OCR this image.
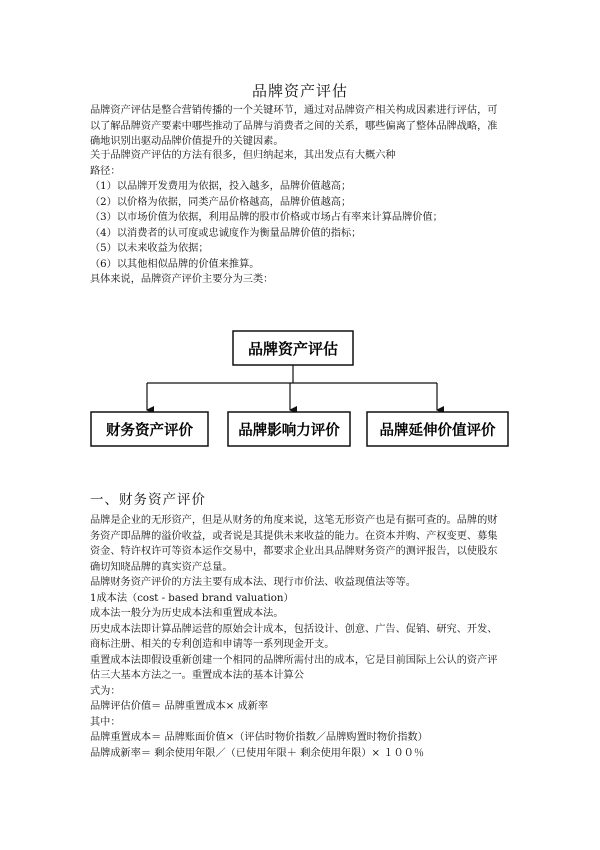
品牌资产评估
品牌资产评估是整合营销传播的一个关键环节，通过对品牌资产相关构成因素进行评估，可
以了解品牌资产要素中哪些推动了品牌与消费者之间的关系，哪些偏离了整体品牌战略，准
确地识别出驱动品牌价值提升的关键因素。
关于品牌资产评估的方法有很多，但归纳起来，其出发点有大概六种
路径：
（1）以品牌开发费用为依据，投入越多，品牌价值越高；
（2）以价格为依据，同类产品价格越高，品牌价值越高；
（3）以市场价值为依据，利用品牌的股市价格或市场占有率来计算品牌价值；
（4）以消费者的认可度或忠诚度作为衡量品牌价值的指标；
（5）以未来收益为依据；
（6）以其他相似品牌的价值来推算。
具体来说，品牌资产评价主要分为三类：
品牌资产评估
财务资产评价	品牌影响力评价	品牌延伸价值评价
一、财务资产评价
品牌是企业的无形资产，但是从财务的角度来说，这笔无形资产也是有据可查的。品牌的财
务资产即品牌的溢价收益，或者说是其提供未来收益的能力。在资本并购、产权变更、募集
资金、特许权许可等资本运作交易中，都要求企业出具品牌财务资产的测评报告，以使股东
确切知晓品牌的真实资产总量。
品牌财务资产评价的方法主要有成本法、现行市价法、收益现值法等等。
1成本法（cost - based brand valuation）
成本法一般分为历史成本法和重置成本法。
历史成本法即计算品牌运营的原始会计成本，包括设计、创意、广告、促销、研究、开发、
商标注册、相关的专利创造和申请等一系列现金开支。
重置成本法即假设重新创建一个相同的品牌所需付出的成本，它是目前国际上公认的资产评
估三大基本方法之一。重置成本法的基本计算公
式为：
品牌评估价值＝ 品牌重置成本× 成新率
其中：
品牌重置成本＝ 品牌账面价值×（评估时物价指数／品牌购置时物价指数）
品牌成新率＝ 剩余使用年限／（已使用年限＋ 剩余使用年限）× １００％
